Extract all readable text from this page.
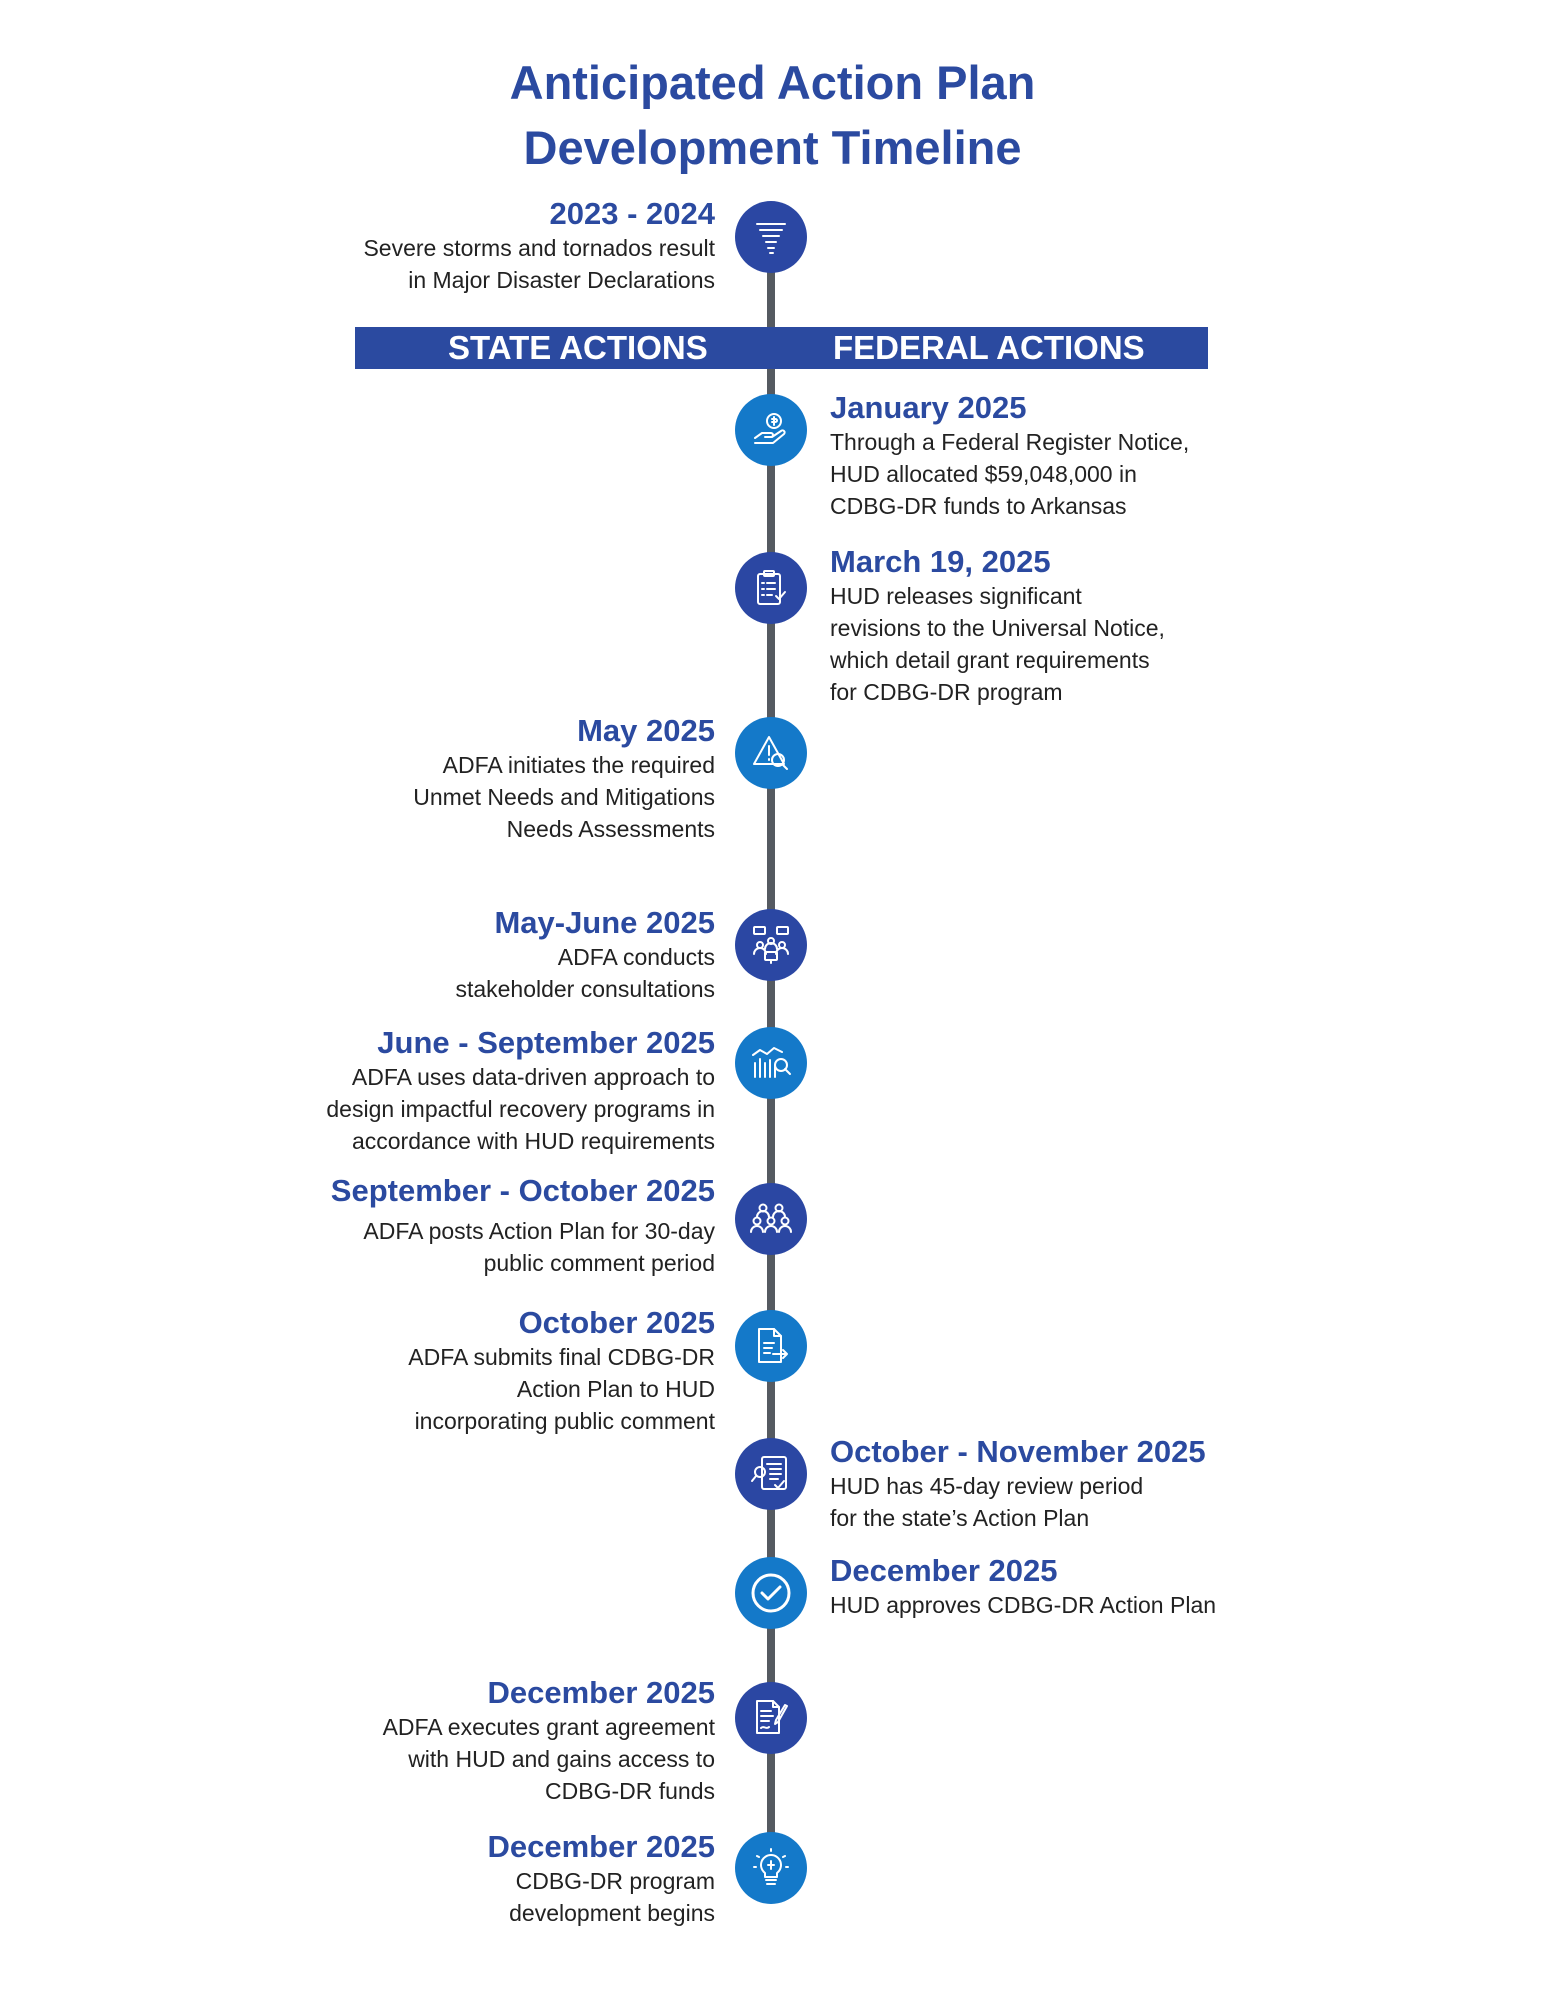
Anticipated Action Plan
Development Timeline
STATE ACTIONS	FEDERAL ACTIONS
2023 - 2024
Severe storms and tornados result
in Major Disaster Declarations
January 2025
Through a Federal Register Notice,
HUD allocated $59,048,000 in
CDBG-DR funds to Arkansas
March 19, 2025
HUD releases significant
revisions to the Universal Notice,
which detail grant requirements
for CDBG-DR program
May 2025
ADFA initiates the required
Unmet Needs and Mitigations
Needs Assessments
May-June 2025
ADFA conducts
stakeholder consultations
June - September 2025
ADFA uses data-driven approach to
design impactful recovery programs in
accordance with HUD requirements
September - October 2025
ADFA posts Action Plan for 30-day
public comment period
October 2025
ADFA submits final CDBG-DR
Action Plan to HUD
incorporating public comment
October - November 2025
HUD has 45-day review period
for the state’s Action Plan
December 2025
HUD approves CDBG-DR Action Plan
December 2025
ADFA executes grant agreement
with HUD and gains access to
CDBG-DR funds
December 2025
CDBG-DR program
development begins
